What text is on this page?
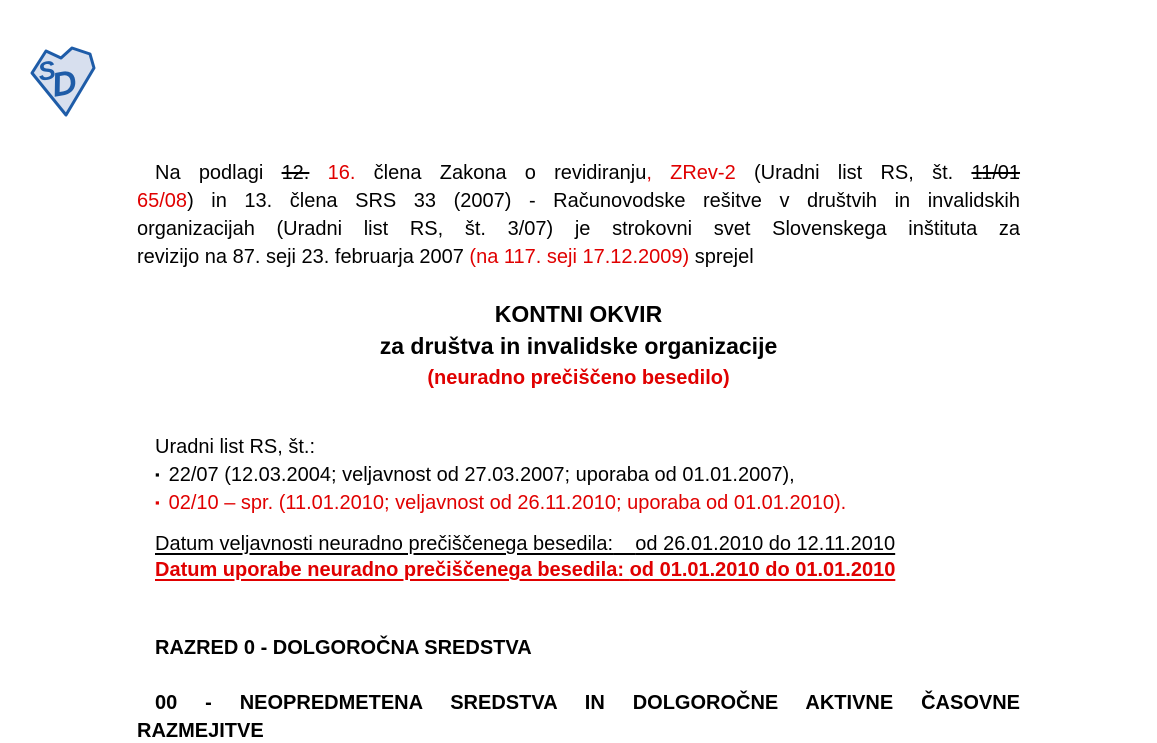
S
D
Na podlagi 12. 16. člena Zakona o revidiranju, ZRev-2 (Uradni list RS, št. 11/01
65/08) in 13. člena SRS 33 (2007) - Računovodske rešitve v društvih in invalidskih
organizacijah (Uradni list RS, št. 3/07) je strokovni svet Slovenskega inštituta za
revizijo na 87. seji 23. februarja 2007 (na 117. seji 17.12.2009) sprejel
KONTNI OKVIR
za društva in invalidske organizacije
(neuradno prečiščeno besedilo)
Uradni list RS, št.:
▪ 22/07 (12.03.2004; veljavnost od 27.03.2007; uporaba od 01.01.2007),
▪ 02/10 – spr. (11.01.2010; veljavnost od 26.11.2010; uporaba od 01.01.2010).
Datum veljavnosti neuradno prečiščenega besedila: od 26.01.2010 do 12.11.2010
Datum uporabe neuradno prečiščenega besedila: od 01.01.2010 do 01.01.2010
RAZRED 0 - DOLGOROČNA SREDSTVA
00 - NEOPREDMETENA SREDSTVA IN DOLGOROČNE AKTIVNE ČASOVNE
RAZMEJITVE
